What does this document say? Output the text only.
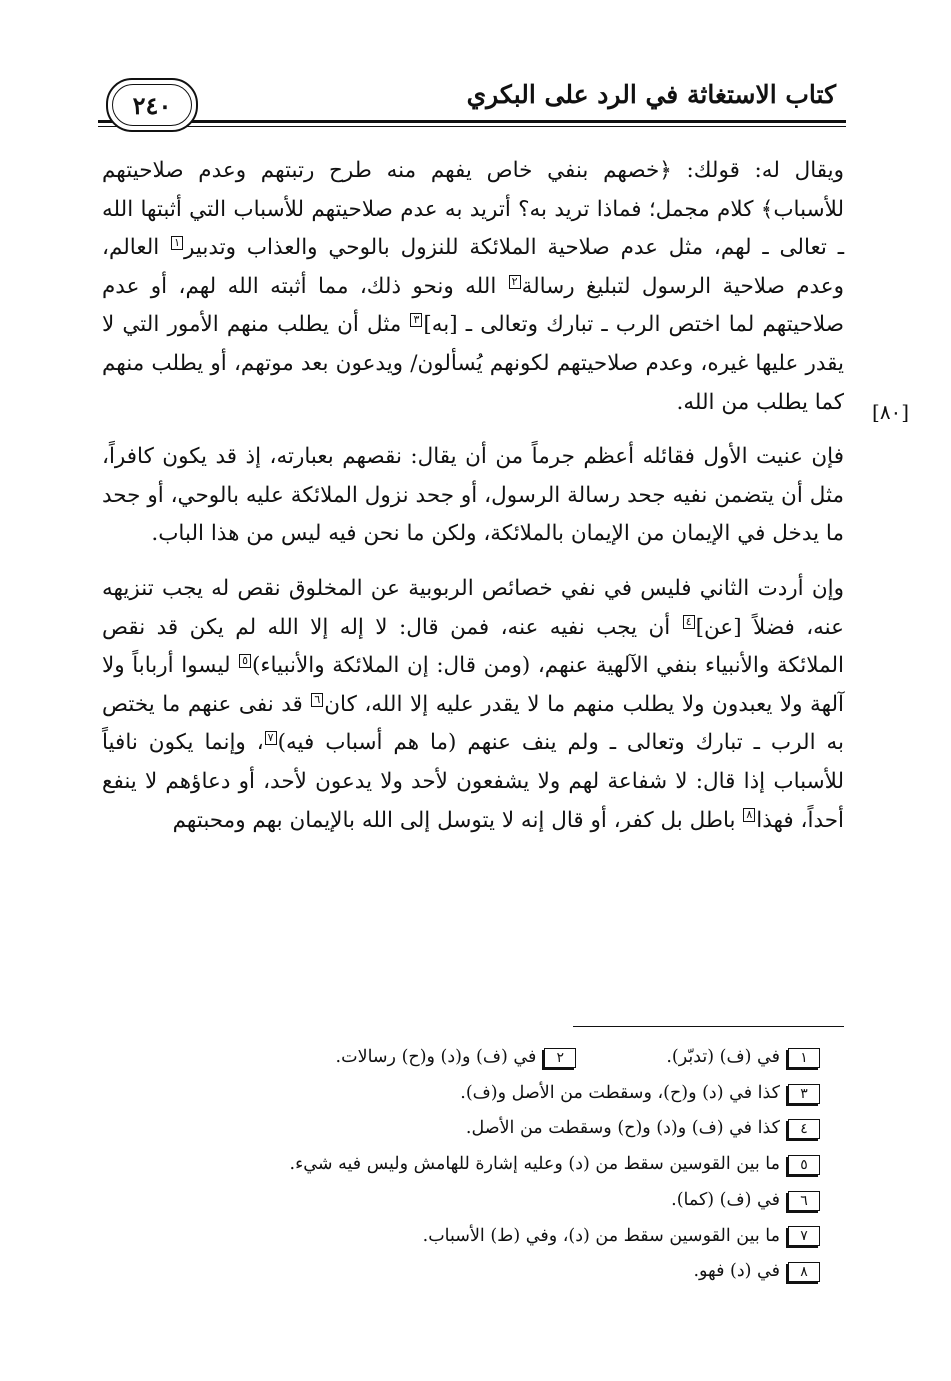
كتاب الاستغاثة في الرد على البكري
٢٤٠
[٨٠]

ويقال له: قولك: ﴿خصهم بنفي خاص يفهم منه طرح رتبتهم وعدم صلاحيتهم للأسباب﴾ كلام مجمل؛ فماذا تريد به؟ أتريد به عدم صلاحيتهم للأسباب التي أثبتها الله ـ تعالى ـ لهم، مثل عدم صلاحية الملائكة للنزول بالوحي والعذاب وتدبير١ العالم، وعدم صلاحية الرسول لتبليغ رسالة٢ الله ونحو ذلك، مما أثبته الله لهم، أو عدم صلاحيتهم لما اختص الرب ـ تبارك وتعالى ـ [به]٣ مثل أن يطلب منهم الأمور التي لا يقدر عليها غيره، وعدم صلاحيتهم لكونهم يُسألون/ ويدعون بعد موتهم، أو يطلب منهم كما يطلب من الله.

فإن عنيت الأول فقائله أعظم جرماً من أن يقال: نقصهم بعبارته، إذ قد يكون كافراً، مثل أن يتضمن نفيه جحد رسالة الرسول، أو جحد نزول الملائكة عليه بالوحي، أو جحد ما يدخل في الإيمان من الإيمان بالملائكة، ولكن ما نحن فيه ليس من هذا الباب.

وإن أردت الثاني فليس في نفي خصائص الربوبية عن المخلوق نقص له يجب تنزيهه عنه، فضلاً [عن]٤ أن يجب نفيه عنه، فمن قال: لا إله إلا الله لم يكن قد نقص الملائكة والأنبياء بنفي الآلهية عنهم، (ومن قال: إن الملائكة والأنبياء)٥ ليسوا أرباباً ولا آلهة ولا يعبدون ولا يطلب منهم ما لا يقدر عليه إلا الله، كان٦ قد نفى عنهم ما يختص به الرب ـ تبارك وتعالى ـ ولم ينف عنهم (ما هم أسباب فيه)٧، وإنما يكون نافياً للأسباب إذا قال: لا شفاعة لهم ولا يشفعون لأحد ولا يدعون لأحد، أو دعاؤهم لا ينفع أحداً، فهذا٨ باطل بل كفر، أو قال إنه لا يتوسل إلى الله بالإيمان بهم ومحبتهم

١
في (ف) (تدبّر).
٢
في (ف) و(د) و(ح) رسالات.
٣
كذا في (د) و(ح)، وسقطت من الأصل و(ف).
٤
كذا في (ف) و(د) و(ح) وسقطت من الأصل.
٥
ما بين القوسين سقط من (د) وعليه إشارة للهامش وليس فيه شيء.
٦
في (ف) (كما).
٧
ما بين القوسين سقط من (د)، وفي (ط) الأسباب.
٨
في (د) فهو.
